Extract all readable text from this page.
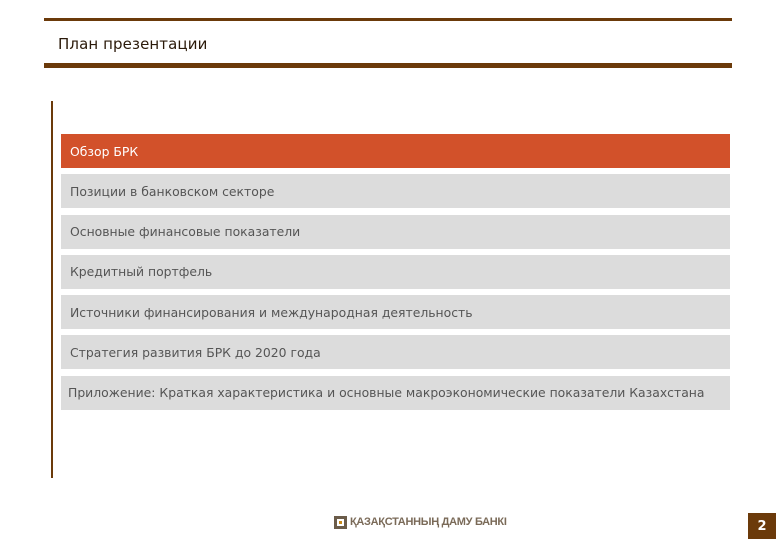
План презентации
Обзор БРК
Позиции в банковском секторе
Основные финансовые показатели
Кредитный портфель
Источники финансирования и международная деятельность
Стратегия развития БРК до 2020 года
Приложение: Краткая характеристика и основные макроэкономические показатели Казахстана
ҚАЗАҚСТАННЫҢ ДАМУ БАНКІ	2
